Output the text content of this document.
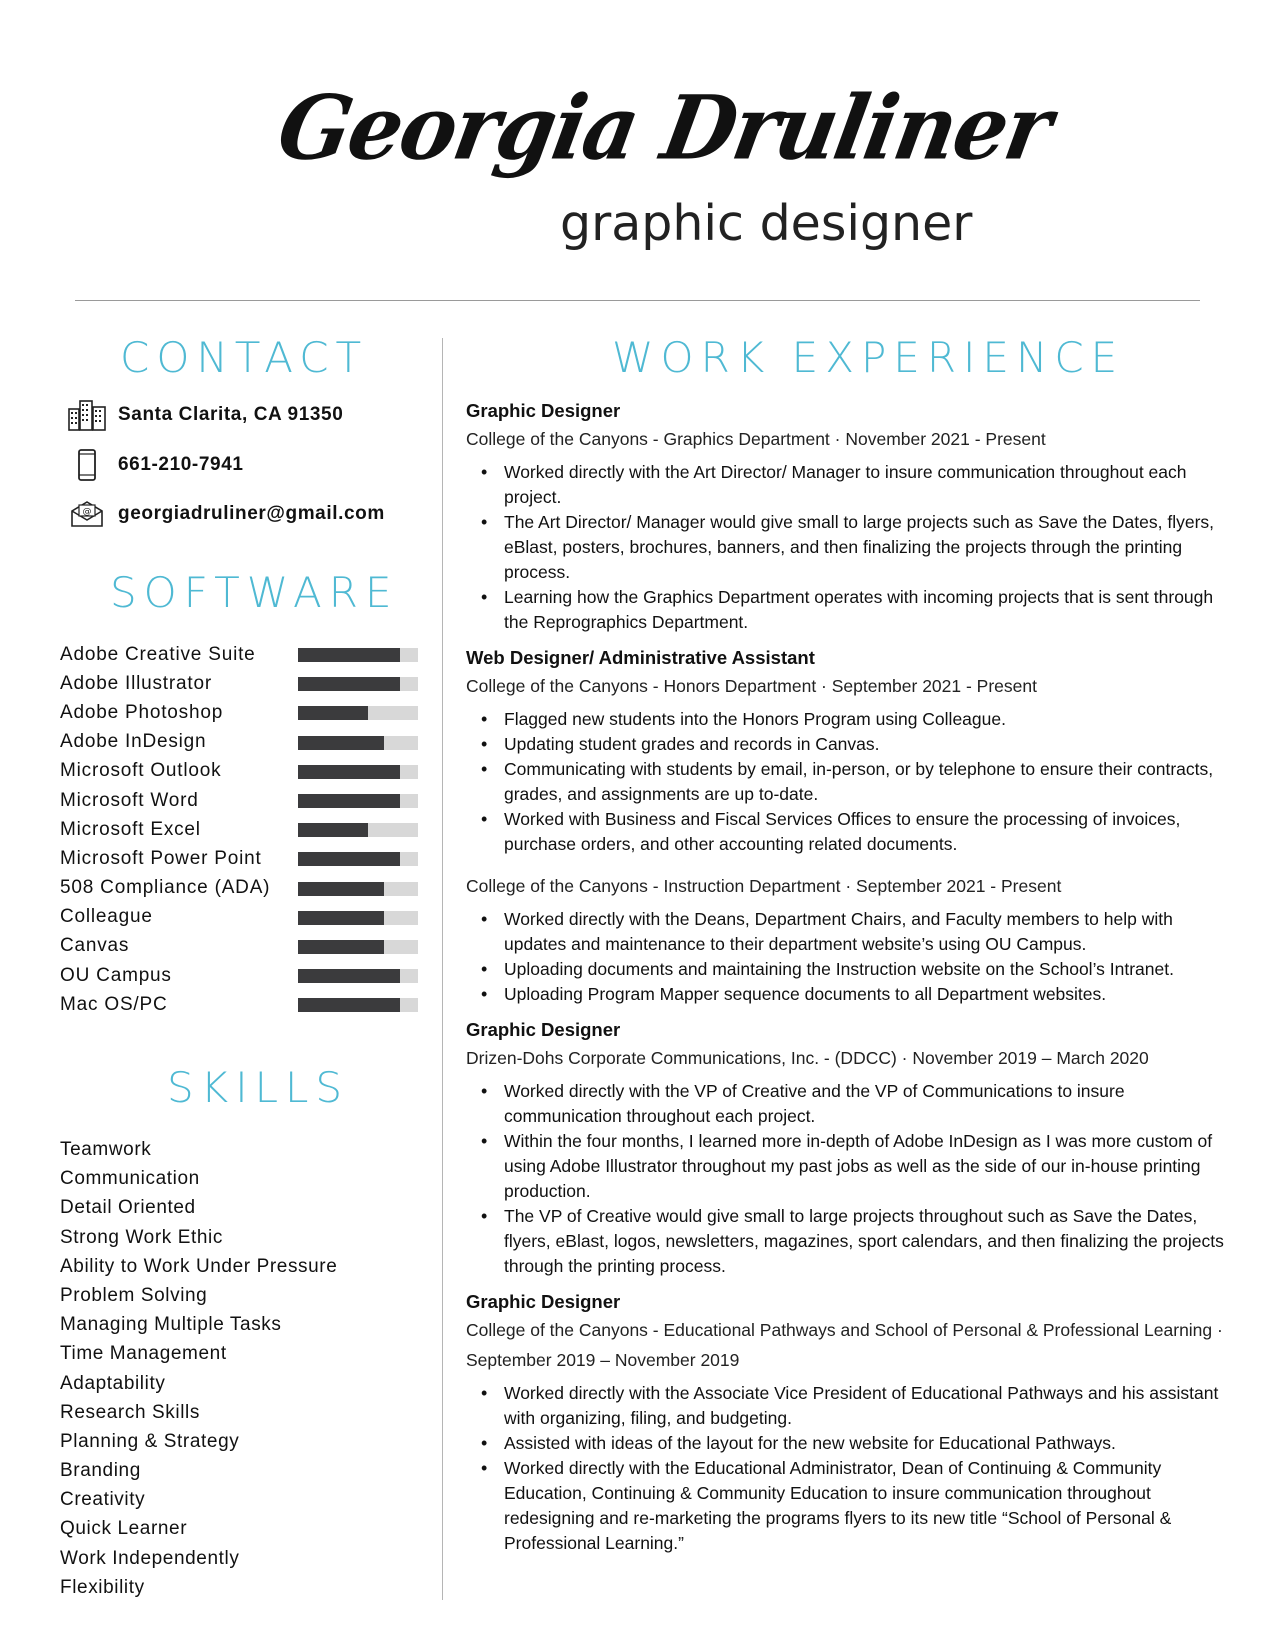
Georgia Druliner
graphic designer
CONTACT
Santa Clarita, CA 91350
661-210-7941
@ georgiadruliner@gmail.com
SOFTWARE
Adobe Creative Suite
Adobe Illustrator
Adobe Photoshop
Adobe InDesign
Microsoft Outlook
Microsoft Word
Microsoft Excel
Microsoft Power Point
508 Compliance (ADA)
Colleague
Canvas
OU Campus
Mac OS/PC
SKILLS
Teamwork
Communication
Detail Oriented
Strong Work Ethic
Ability to Work Under Pressure
Problem Solving
Managing Multiple Tasks
Time Management
Adaptability
Research Skills
Planning & Strategy
Branding
Creativity
Quick Learner
Work Independently
Flexibility
WORK EXPERIENCE
Graphic Designer
College of the Canyons - Graphics Department · November 2021 - Present
• Worked directly with the Art Director/ Manager to insure communication throughout each project.
• The Art Director/ Manager would give small to large projects such as Save the Dates, flyers, eBlast, posters, brochures, banners, and then finalizing the projects through the printing process.
• Learning how the Graphics Department operates with incoming projects that is sent through the Reprographics Department.
Web Designer/ Administrative Assistant
College of the Canyons - Honors Department · September 2021 - Present
• Flagged new students into the Honors Program using Colleague.
• Updating student grades and records in Canvas.
• Communicating with students by email, in-person, or by telephone to ensure their contracts, grades, and assignments are up to-date.
• Worked with Business and Fiscal Services Offices to ensure the processing of invoices, purchase orders, and other accounting related documents.
College of the Canyons - Instruction Department · September 2021 - Present
• Worked directly with the Deans, Department Chairs, and Faculty members to help with updates and maintenance to their department website’s using OU Campus.
• Uploading documents and maintaining the Instruction website on the School’s Intranet.
• Uploading Program Mapper sequence documents to all Department websites.
Graphic Designer
Drizen-Dohs Corporate Communications, Inc. - (DDCC) · November 2019 – March 2020
• Worked directly with the VP of Creative and the VP of Communications to insure communication throughout each project.
• Within the four months, I learned more in-depth of Adobe InDesign as I was more custom of using Adobe Illustrator throughout my past jobs as well as the side of our in-house printing production.
• The VP of Creative would give small to large projects throughout such as Save the Dates, flyers, eBlast, logos, newsletters, magazines, sport calendars, and then finalizing the projects through the printing process.
Graphic Designer
College of the Canyons - Educational Pathways and School of Personal & Professional Learning · September 2019 – November 2019
• Worked directly with the Associate Vice President of Educational Pathways and his assistant with organizing, filing, and budgeting.
• Assisted with ideas of the layout for the new website for Educational Pathways.
• Worked directly with the Educational Administrator, Dean of Continuing & Community Education, Continuing & Community Education to insure communication throughout redesigning and re-marketing the programs flyers to its new title “School of Personal & Professional Learning.”
